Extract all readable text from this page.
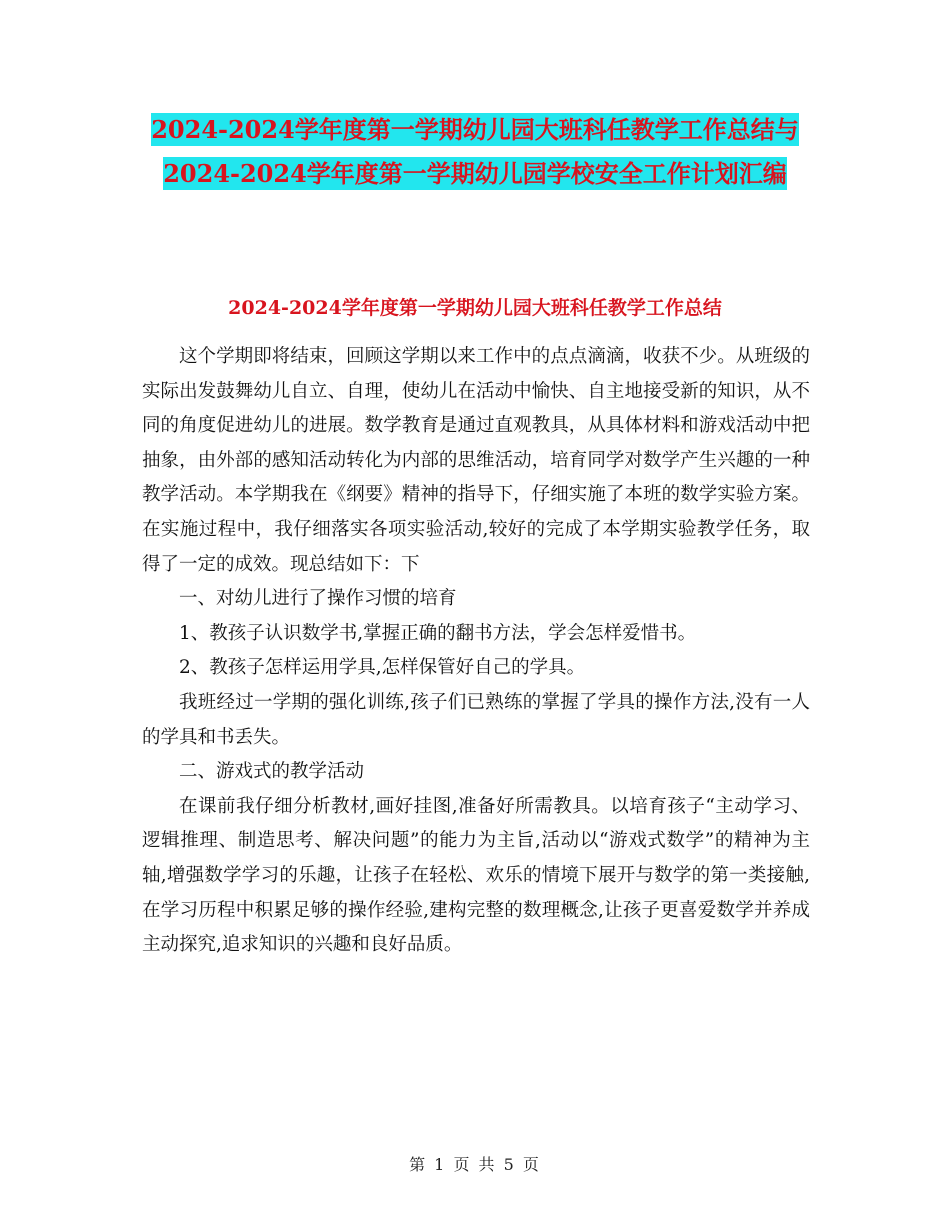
2024-2024学年度第一学期幼儿园大班科任教学工作总结与2024-2024学年度第一学期幼儿园学校安全工作计划汇编
2024-2024学年度第一学期幼儿园大班科任教学工作总结

这个学期即将结束，回顾这学期以来工作中的点点滴滴，收获不少。从班级的实际出发鼓舞幼儿自立、自理，使幼儿在活动中愉快、自主地接受新的知识，从不同的角度促进幼儿的进展。数学教育是通过直观教具，从具体材料和游戏活动中把抽象，由外部的感知活动转化为内部的思维活动，培育同学对数学产生兴趣的一种教学活动。本学期我在《纲要》精神的指导下，仔细实施了本班的数学实验方案。在实施过程中，我仔细落实各项实验活动,较好的完成了本学期实验教学任务，取得了一定的成效。现总结如下：下

一、对幼儿进行了操作习惯的培育

1、教孩子认识数学书,掌握正确的翻书方法，学会怎样爱惜书。

2、教孩子怎样运用学具,怎样保管好自己的学具。

我班经过一学期的强化训练,孩子们已熟练的掌握了学具的操作方法,没有一人的学具和书丢失。

二、游戏式的教学活动

在课前我仔细分析教材,画好挂图,准备好所需教具。以培育孩子“主动学习、逻辑推理、制造思考、解决问题”的能力为主旨,活动以“游戏式数学”的精神为主轴,增强数学学习的乐趣，让孩子在轻松、欢乐的情境下展开与数学的第一类接触,在学习历程中积累足够的操作经验,建构完整的数理概念,让孩子更喜爱数学并养成主动探究,追求知识的兴趣和良好品质。

第 1 页 共 5 页
